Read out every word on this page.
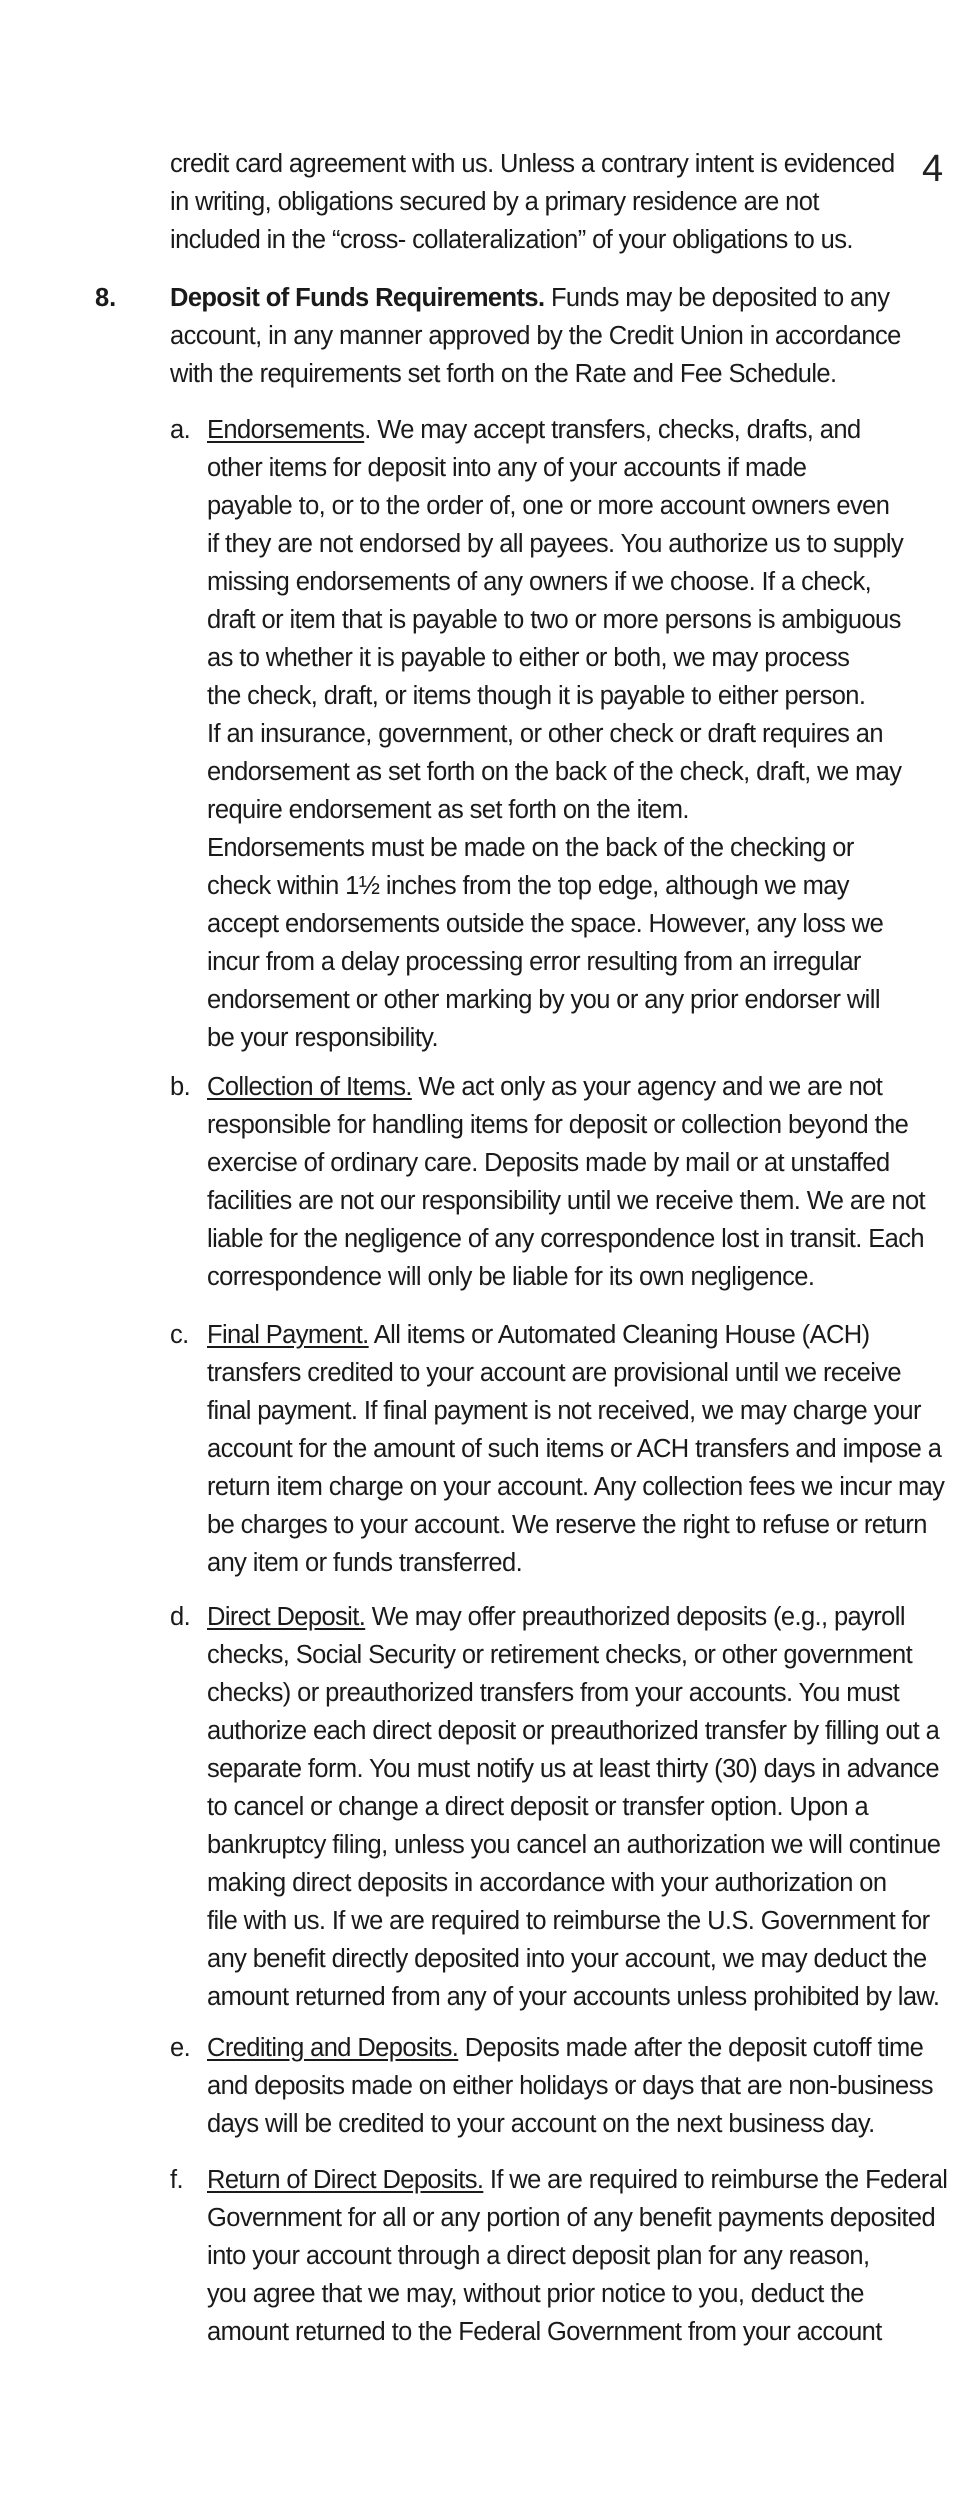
4
credit card agreement with us. Unless a contrary intent is evidenced
in writing, obligations secured by a primary residence are not
included in the “cross- collateralization” of your obligations to us.
8. Deposit of Funds Requirements. Funds may be deposited to any
account, in any manner approved by the Credit Union in accordance
with the requirements set forth on the Rate and Fee Schedule.
a. Endorsements. We may accept transfers, checks, drafts, and
other items for deposit into any of your accounts if made
payable to, or to the order of, one or more account owners even
if they are not endorsed by all payees. You authorize us to supply
missing endorsements of any owners if we choose. If a check,
draft or item that is payable to two or more persons is ambiguous
as to whether it is payable to either or both, we may process
the check, draft, or items though it is payable to either person.
If an insurance, government, or other check or draft requires an
endorsement as set forth on the back of the check, draft, we may
require endorsement as set forth on the item.
Endorsements must be made on the back of the checking or
check within 1½ inches from the top edge, although we may
accept endorsements outside the space. However, any loss we
incur from a delay processing error resulting from an irregular
endorsement or other marking by you or any prior endorser will
be your responsibility.
b. Collection of Items. We act only as your agency and we are not
responsible for handling items for deposit or collection beyond the
exercise of ordinary care. Deposits made by mail or at unstaffed
facilities are not our responsibility until we receive them. We are not
liable for the negligence of any correspondence lost in transit. Each
correspondence will only be liable for its own negligence.
c. Final Payment. All items or Automated Cleaning House (ACH)
transfers credited to your account are provisional until we receive
final payment. If final payment is not received, we may charge your
account for the amount of such items or ACH transfers and impose a
return item charge on your account. Any collection fees we incur may
be charges to your account. We reserve the right to refuse or return
any item or funds transferred.
d. Direct Deposit. We may offer preauthorized deposits (e.g., payroll
checks, Social Security or retirement checks, or other government
checks) or preauthorized transfers from your accounts. You must
authorize each direct deposit or preauthorized transfer by filling out a
separate form. You must notify us at least thirty (30) days in advance
to cancel or change a direct deposit or transfer option. Upon a
bankruptcy filing, unless you cancel an authorization we will continue
making direct deposits in accordance with your authorization on
file with us. If we are required to reimburse the U.S. Government for
any benefit directly deposited into your account, we may deduct the
amount returned from any of your accounts unless prohibited by law.
e. Crediting and Deposits. Deposits made after the deposit cutoff time
and deposits made on either holidays or days that are non-business
days will be credited to your account on the next business day.
f. Return of Direct Deposits. If we are required to reimburse the Federal
Government for all or any portion of any benefit payments deposited
into your account through a direct deposit plan for any reason,
you agree that we may, without prior notice to you, deduct the
amount returned to the Federal Government from your account
